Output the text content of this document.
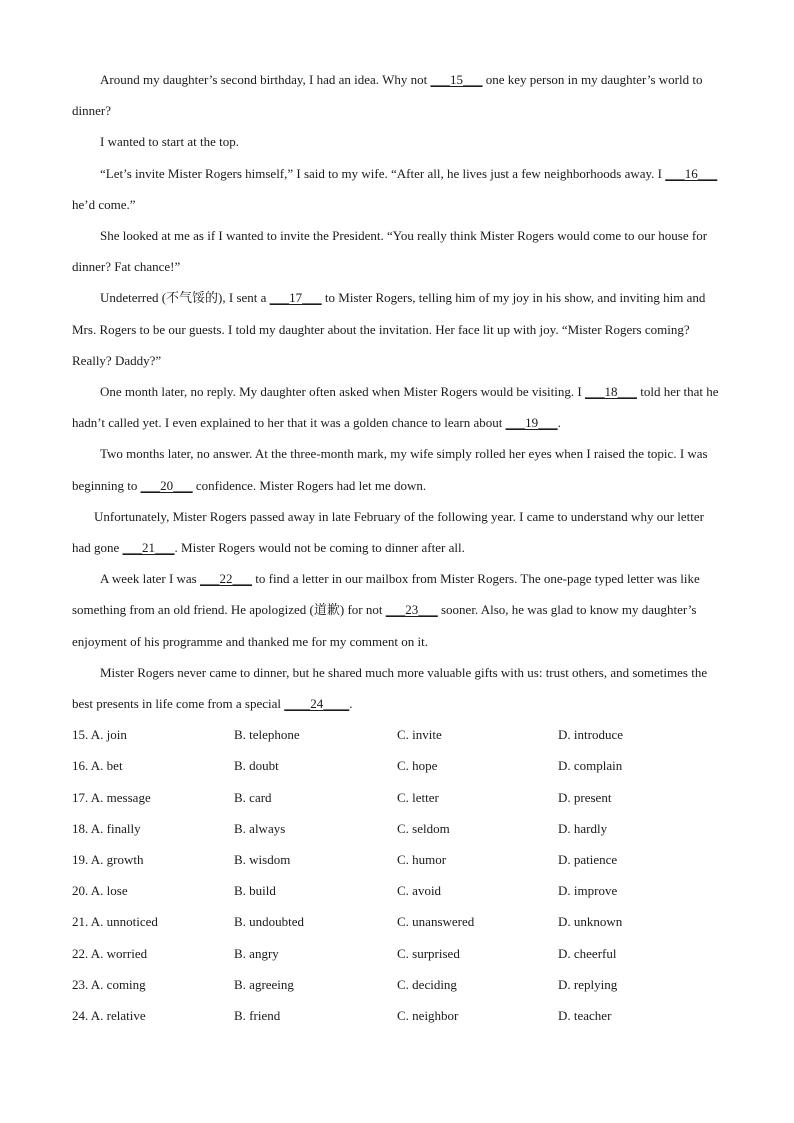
Around my daughter’s second birthday, I had an idea. Why not ___15___ one key person in my daughter’s world to dinner?

I wanted to start at the top.

“Let’s invite Mister Rogers himself,” I said to my wife. “After all, he lives just a few neighborhoods away. I ___16___ he’d come.”

She looked at me as if I wanted to invite the President. “You really think Mister Rogers would come to our house for dinner? Fat chance!”

Undeterred (不气馁的), I sent a ___17___ to Mister Rogers, telling him of my joy in his show, and inviting him and Mrs. Rogers to be our guests. I told my daughter about the invitation. Her face lit up with joy. “Mister Rogers coming? Really? Daddy?”

One month later, no reply. My daughter often asked when Mister Rogers would be visiting. I ___18___ told her that he hadn’t called yet. I even explained to her that it was a golden chance to learn about ___19___.

Two months later, no answer. At the three-month mark, my wife simply rolled her eyes when I raised the topic. I was beginning to ___20___ confidence. Mister Rogers had let me down.

Unfortunately, Mister Rogers passed away in late February of the following year. I came to understand why our letter had gone ___21___. Mister Rogers would not be coming to dinner after all.

A week later I was ___22___ to find a letter in our mailbox from Mister Rogers. The one-page typed letter was like something from an old friend. He apologized (道歉) for not ___23___ sooner. Also, he was glad to know my daughter’s enjoyment of his programme and thanked me for my comment on it.

Mister Rogers never came to dinner, but he shared much more valuable gifts with us: trust others, and sometimes the best presents in life come from a special ____24____.

15. A. join	B. telephone	C. invite	D. introduce
16. A. bet	B. doubt	C. hope	D. complain
17. A. message	B. card	C. letter	D. present
18. A. finally	B. always	C. seldom	D. hardly
19. A. growth	B. wisdom	C. humor	D. patience
20. A. lose	B. build	C. avoid	D. improve
21. A. unnoticed	B. undoubted	C. unanswered	D. unknown
22. A. worried	B. angry	C. surprised	D. cheerful
23. A. coming	B. agreeing	C. deciding	D. replying
24. A. relative	B. friend	C. neighbor	D. teacher
